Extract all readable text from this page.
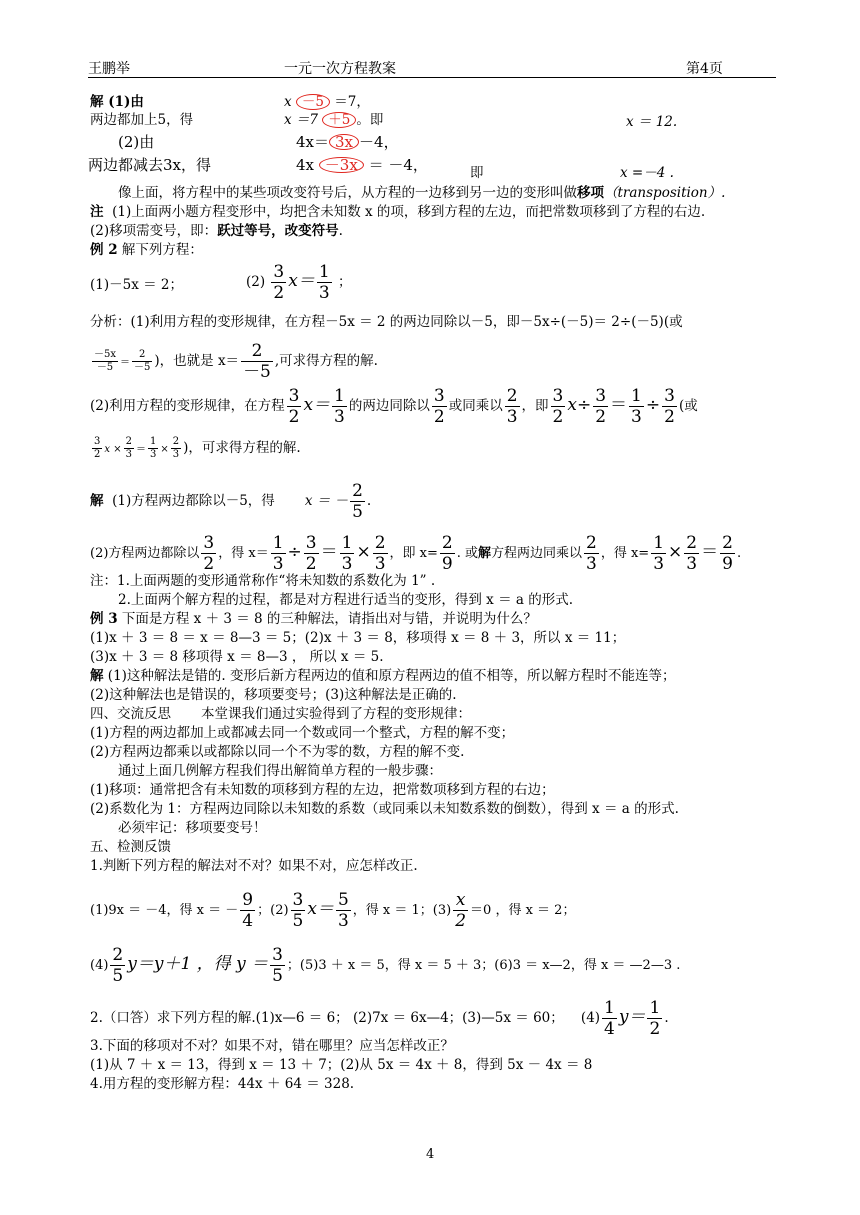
王鹏举	一元一次方程教案	第4页
解 (1)由	x －5 ＝7，
两边都加上5，得	x ＝7 ＋5 。即	x ＝ 12.
(2)由	4x＝ 3x －4，
两边都减去3x，得	4x －3x ＝ －4，	即	x =－4 .
像上面，将方程中的某些项改变符号后，从方程的一边移到另一边的变形叫做移项（transposition）.
注 (1)上面两小题方程变形中，均把含未知数 x 的项，移到方程的左边，而把常数项移到了方程的右边.
(2)移项需变号，即：跃过等号，改变符号.
例 2 解下列方程：
(1)－5x ＝ 2；	$(2) \frac{3}{2} x= \frac{1}{3}$ ；
分析：(1)利用方程的变形规律，在方程－5x ＝ 2 的两边同除以－5，即－5x÷(－5)＝ 2÷(－5)(或
$\frac{-5x}{-5} = \frac{2}{-5}$ )，也就是 $x= \frac{2}{-5}$ ,可求得方程的解.
(2)利用方程的变形规律，在方程 $\frac{3}{2} x= \frac{1}{3}$ 的两边同除以 $\frac{3}{2}$ 或同乘以 $\frac{2}{3}$ ，即 $\frac{3}{2} x\div \frac{3}{2} = \frac{1}{3} \div \frac{3}{2}$ (或
$\frac{3}{2}$ $x \times \frac{2}{3} = \frac{1}{3} \times \frac{2}{3}$ )，可求得方程的解.
解 (1)方程两边都除以－5，得 x ＝ － $\frac{2}{5}$ .
(2)方程两边都除以 $\frac{3}{2}$ ，得 $x= \frac{1}{3} \div \frac{3}{2} = \frac{1}{3} \times \frac{2}{3}$ ，即 $x= \frac{2}{9}$ . 或解方程两边同乘以 $\frac{2}{3}$ ，得 $x= \frac{1}{3} \times \frac{2}{3} = \frac{2}{9}$ .
注：1.上面两题的变形通常称作“将未知数的系数化为 1” .
2.上面两个解方程的过程，都是对方程进行适当的变形，得到 x ＝ a 的形式.
例 3 下面是方程 x ＋ 3 ＝ 8 的三种解法，请指出对与错，并说明为什么？
(1)x ＋ 3 ＝ 8 ＝ x ＝ 8—3 ＝ 5；(2)x ＋ 3 ＝ 8，移项得 x ＝ 8 ＋ 3，所以 x ＝ 11；
(3)x ＋ 3 ＝ 8 移项得 x ＝ 8—3 ， 所以 x ＝ 5.
解 (1)这种解法是错的. 变形后新方程两边的值和原方程两边的值不相等，所以解方程时不能连等；
(2)这种解法也是错误的，移项要变号；(3)这种解法是正确的.
四、交流反思 本堂课我们通过实验得到了方程的变形规律：
(1)方程的两边都加上或都减去同一个数或同一个整式，方程的解不变；
(2)方程两边都乘以或都除以同一个不为零的数，方程的解不变.
通过上面几例解方程我们得出解简单方程的一般步骤：
(1)移项：通常把含有未知数的项移到方程的左边，把常数项移到方程的右边；
(2)系数化为 1：方程两边同除以未知数的系数（或同乘以未知数系数的倒数），得到 x ＝ a 的形式.
必须牢记：移项要变号！
五、检测反馈
1.判断下列方程的解法对不对？如果不对，应怎样改正.
(1)9x ＝ －4，得 x ＝ － $\frac{9}{4}$ ；$(2) \frac{3}{5} x= \frac{5}{3}$ ，得 x ＝ 1；$(3) \frac{x}{2} =0$ ，得 x ＝ 2；
$(4) \frac{2}{5} y=y+1$ ，得 $y = \frac{3}{5}$ ；(5)3 ＋ x ＝ 5，得 x ＝ 5 ＋ 3；(6)3 ＝ x—2，得 x ＝ —2—3 .
2.（口答）求下列方程的解.(1)x—6 ＝ 6； (2)7x ＝ 6x—4；(3)—5x ＝ 60； $(4) \frac{1}{4} y= \frac{1}{2}$ .
3.下面的移项对不对？如果不对，错在哪里？应当怎样改正？
(1)从 7 ＋ x ＝ 13，得到 x ＝ 13 ＋ 7；(2)从 5x ＝ 4x ＋ 8，得到 5x － 4x ＝ 8
4.用方程的变形解方程：44x ＋ 64 ＝ 328.
4
